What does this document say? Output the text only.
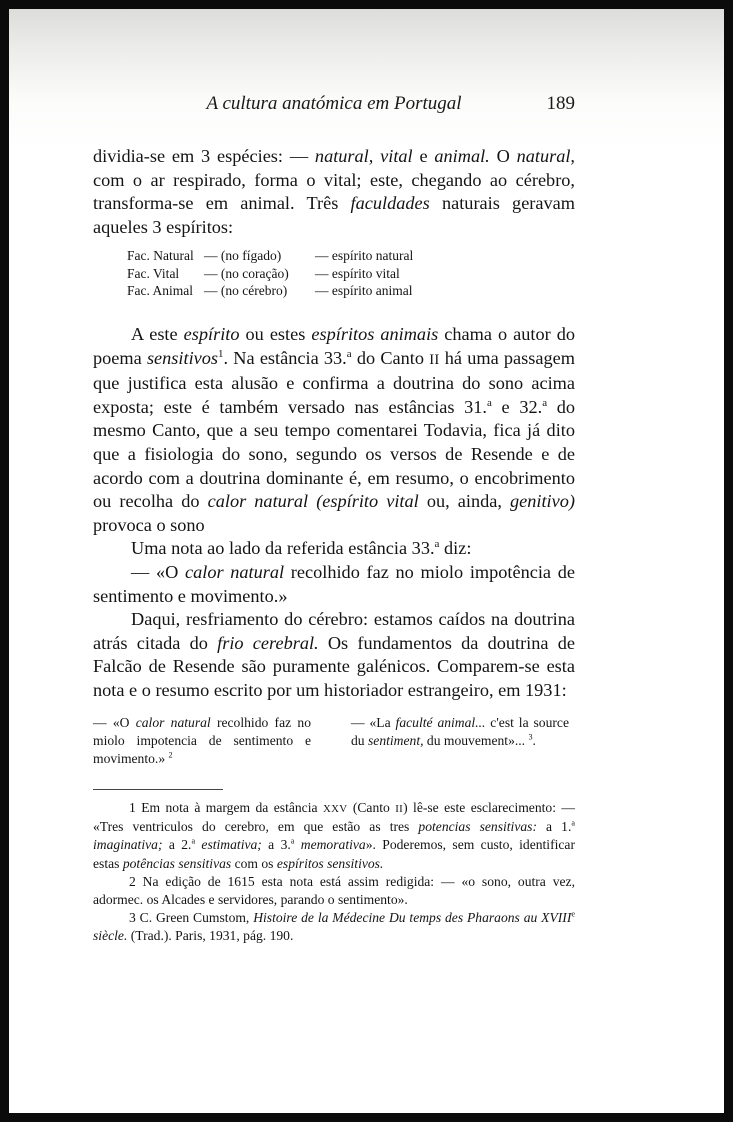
A cultura anatómica em Portugal	189

dividia-se em 3 espécies: — natural, vital e animal. O natural, com o ar respirado, forma o vital; este, chegando ao cérebro, transforma-se em animal. Três faculdades naturais geravam aqueles 3 espíritos:

Fac. Natural — (no fígado)	— espírito natural
Fac. Vital — (no coração) — espírito vital
Fac. Animal — (no cérebro) — espírito animal

A este espírito ou estes espíritos animais chama o autor do poema sensitivos$^1$. Na estância 33.$^a$ do Canto II há uma passagem que justifica esta alusão e confirma a doutrina do sono acima exposta; este é também versado nas estâncias 31.$^a$ e 32.$^a$ do mesmo Canto, que a seu tempo comentarei Todavia, fica já dito que a fisiologia do sono, segundo os versos de Resende e de acordo com a doutrina dominante é, em resumo, o encobrimento ou recolha do calor natural (espírito vital ou, ainda, genitivo) provoca o sono

Uma nota ao lado da referida estância 33.$^a$ diz:

— «O calor natural recolhido faz no miolo impotência de sentimento e movimento.»

Daqui, resfriamento do cérebro: estamos caídos na doutrina atrás citada do frio cerebral. Os fundamentos da doutrina de Falcão de Resende são puramente galénicos. Comparem-se esta nota e o resumo escrito por um historiador estrangeiro, em 1931:

— «O calor natural recolhido faz no miolo impotencia de sentimento e movimento.» $^2$

— «La faculté animal... c'est la source du sentiment, du mouvement»... $^3$.

1 Em nota à margem da estância XXV (Canto II) lê-se este esclarecimento: — «Tres ventriculos do cerebro, em que estão as tres potencias sensitivas: a 1.$^a$ imaginativa; a 2.$^a$ estimativa; a 3.$^a$ memorativa». Poderemos, sem custo, identificar estas potências sensitivas com os espíritos sensitivos.

2 Na edição de 1615 esta nota está assim redigida: — «o sono, outra vez, adormec. os Alcades e servidores, parando o sentimento».

3 C. Green Cumstom, Histoire de la Médecine Du temps des Pharaons au XVIIIe siècle. (Trad.). Paris, 1931, pág. 190.
